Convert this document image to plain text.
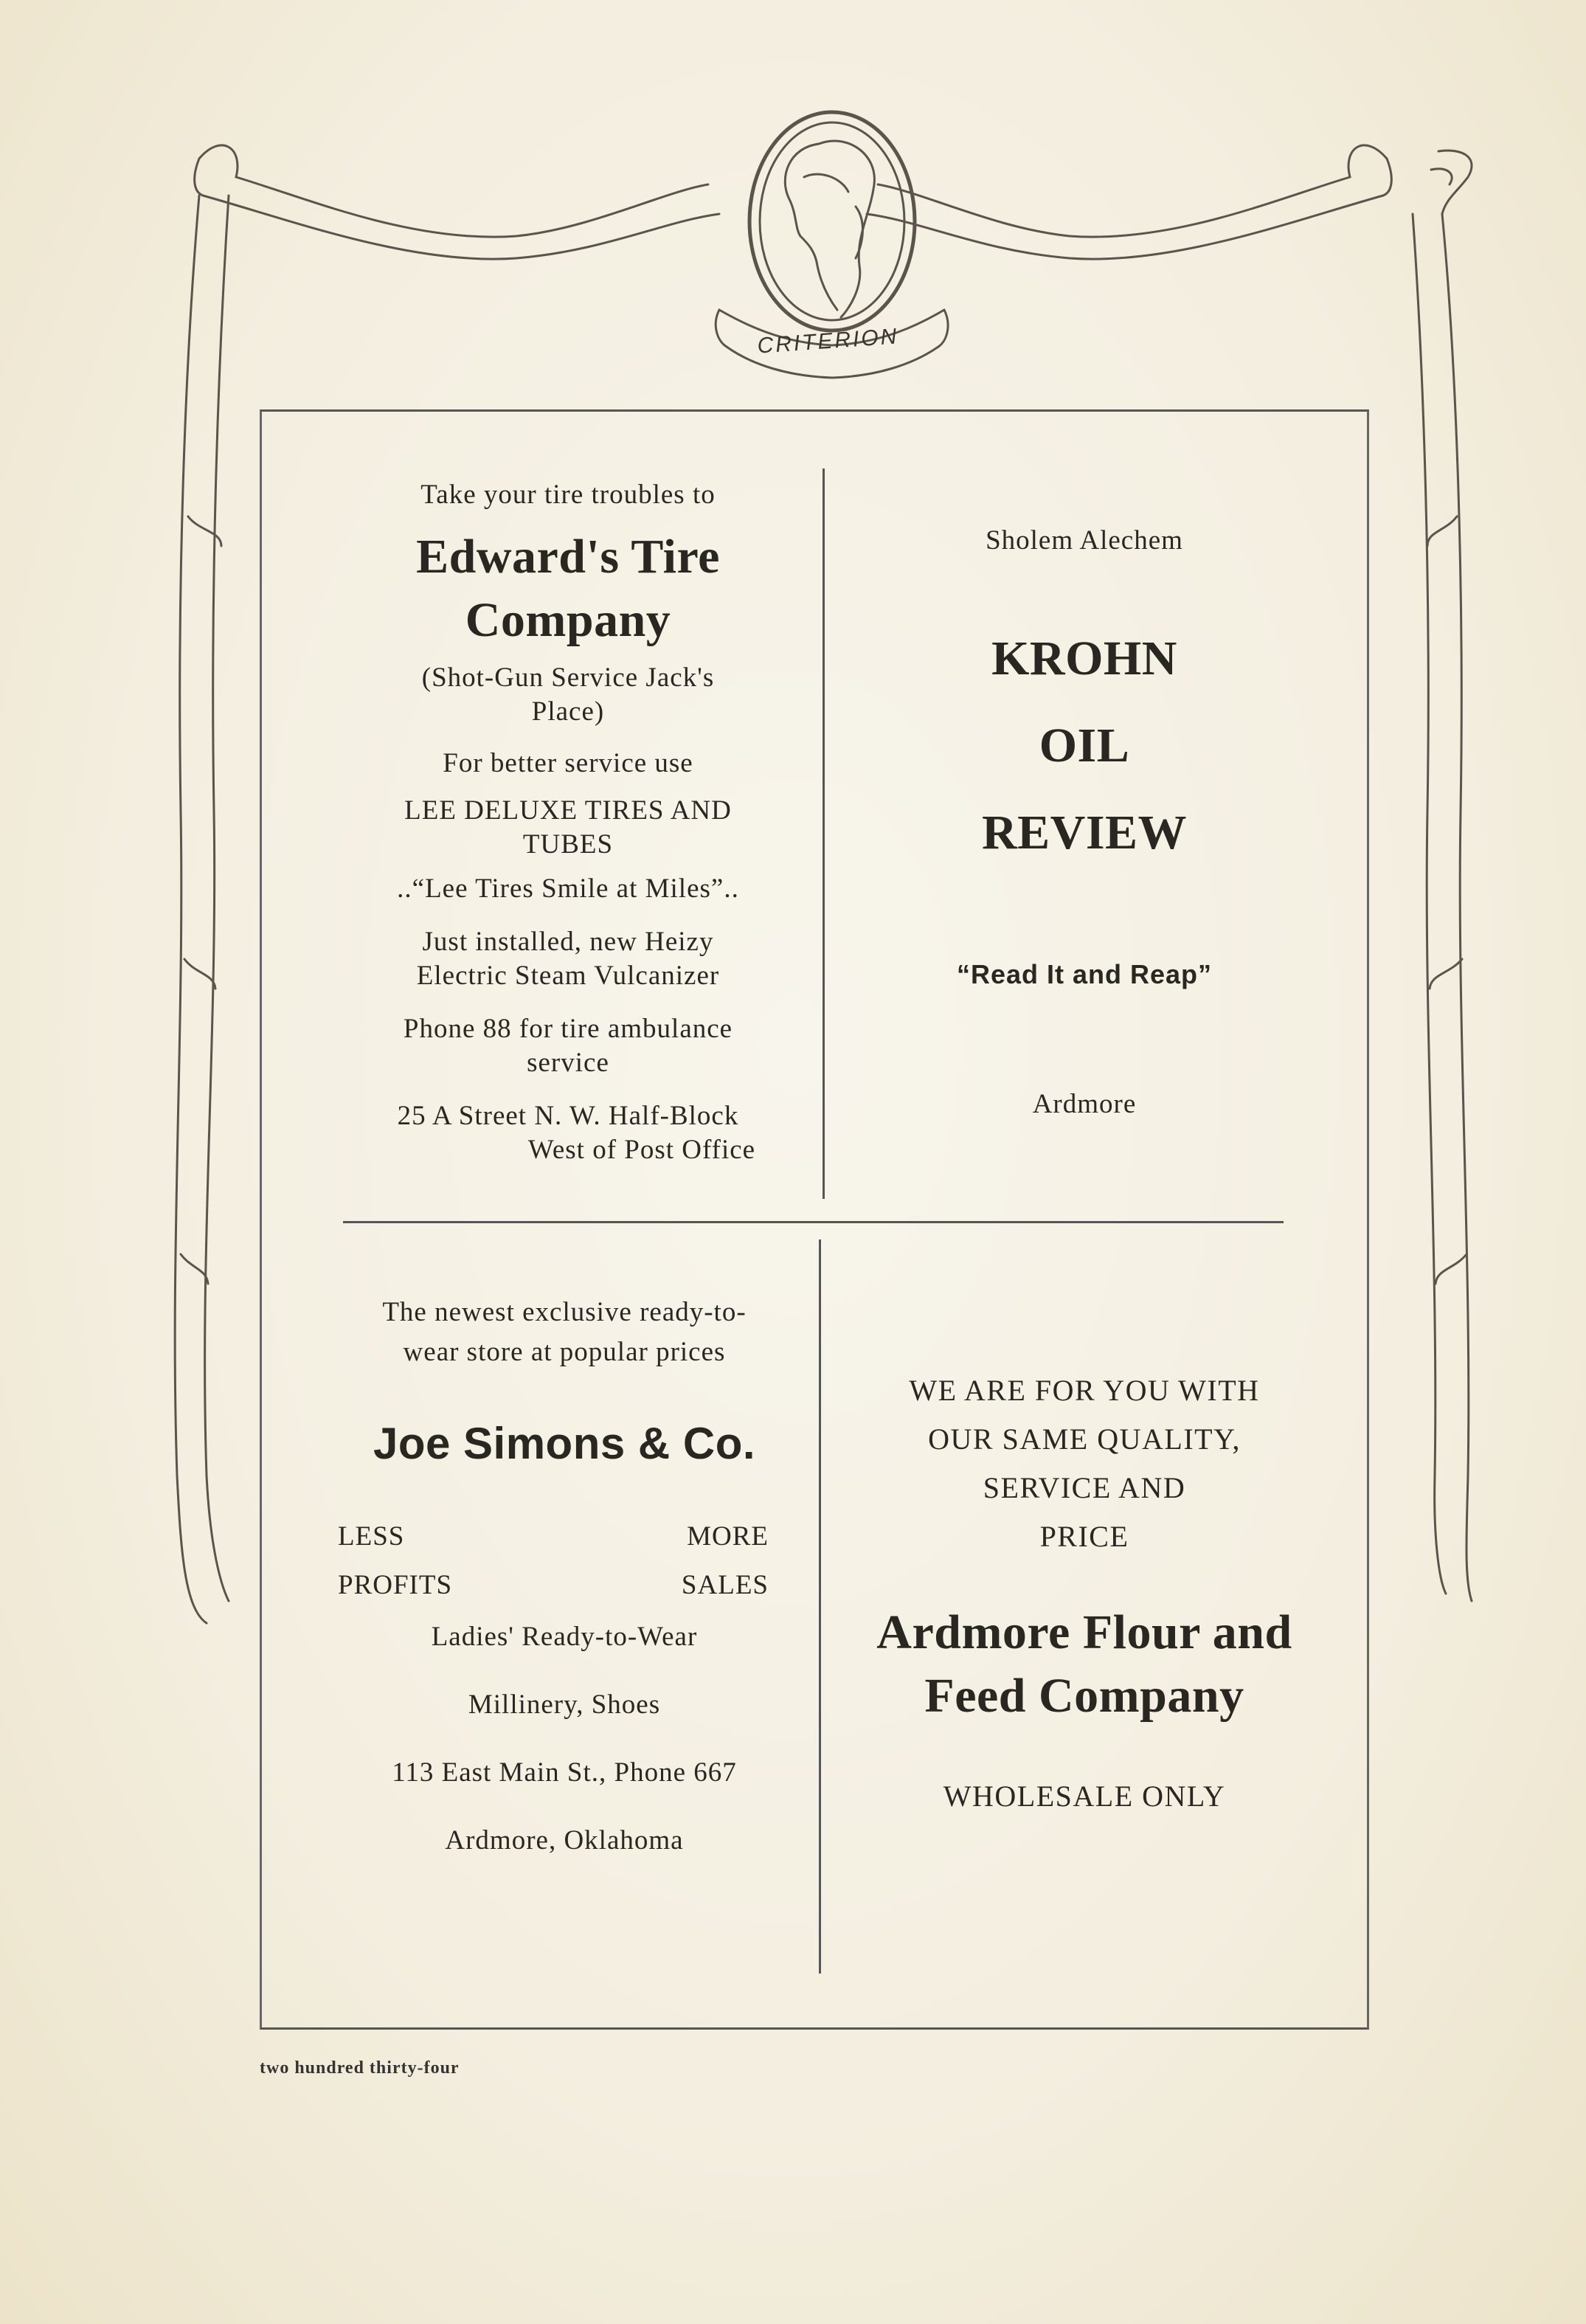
CRITERION

Take your tire troubles to

Edward's Tire

Company

(Shot-Gun Service Jack's

Place)

For better service use

LEE DELUXE TIRES AND

TUBES

..“Lee Tires Smile at Miles”..

Just installed, new Heizy

Electric Steam Vulcanizer

Phone 88 for tire ambulance

service

25 A Street N. W. Half-Block

West of Post Office

Sholem Alechem

KROHN

OIL

REVIEW

“Read It and Reap”

Ardmore

The newest exclusive ready-to-

wear store at popular prices

Joe Simons & Co.

LESS
PROFITS
MORE
SALES

Ladies' Ready-to-Wear

Millinery, Shoes

113 East Main St., Phone 667

Ardmore, Oklahoma

WE ARE FOR YOU WITH

OUR SAME QUALITY,

SERVICE AND

PRICE

Ardmore Flour and

Feed Company

WHOLESALE ONLY

two hundred thirty-four
